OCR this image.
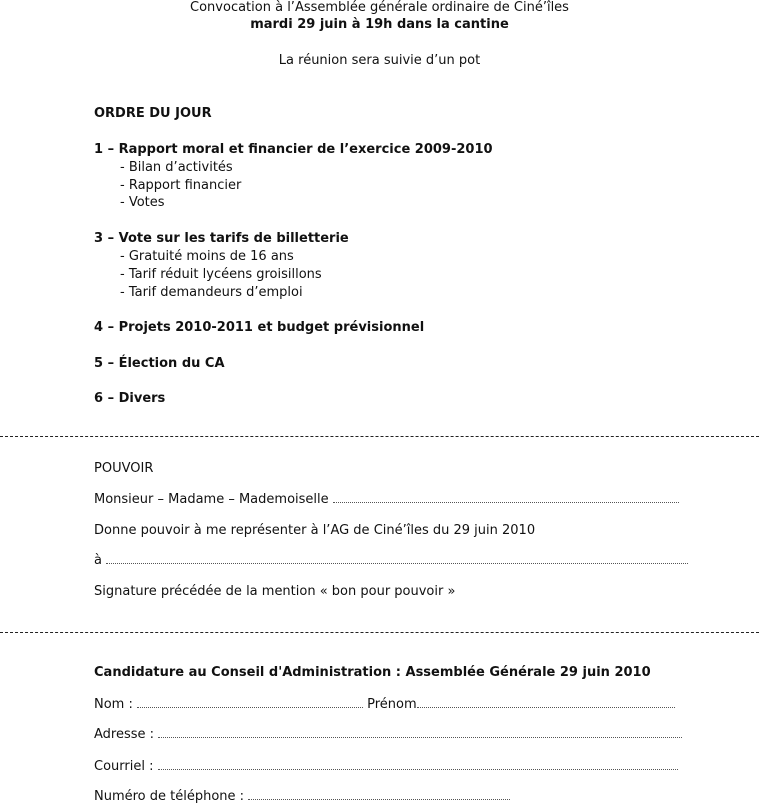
Convocation à l’Assemblée générale ordinaire de Ciné’îles
mardi 29 juin à 19h dans la cantine
La réunion sera suivie d’un pot
ORDRE DU JOUR
1 – Rapport moral et financier de l’exercice 2009-2010
- Bilan d’activités
- Rapport financier
- Votes
3 – Vote sur les tarifs de billetterie
- Gratuité moins de 16 ans
- Tarif réduit lycéens groisillons
- Tarif demandeurs d’emploi
4 – Projets 2010-2011 et budget prévisionnel
5 – Élection du CA
6 – Divers
POUVOIR
Monsieur – Madame – Mademoiselle
Donne pouvoir à me représenter à l’AG de Ciné’îles du 29 juin 2010
à
Signature précédée de la mention « bon pour pouvoir »
Candidature au Conseil d'Administration : Assemblée Générale 29 juin 2010
Nom :	Prénom
Adresse :
Courriel :
Numéro de téléphone :
